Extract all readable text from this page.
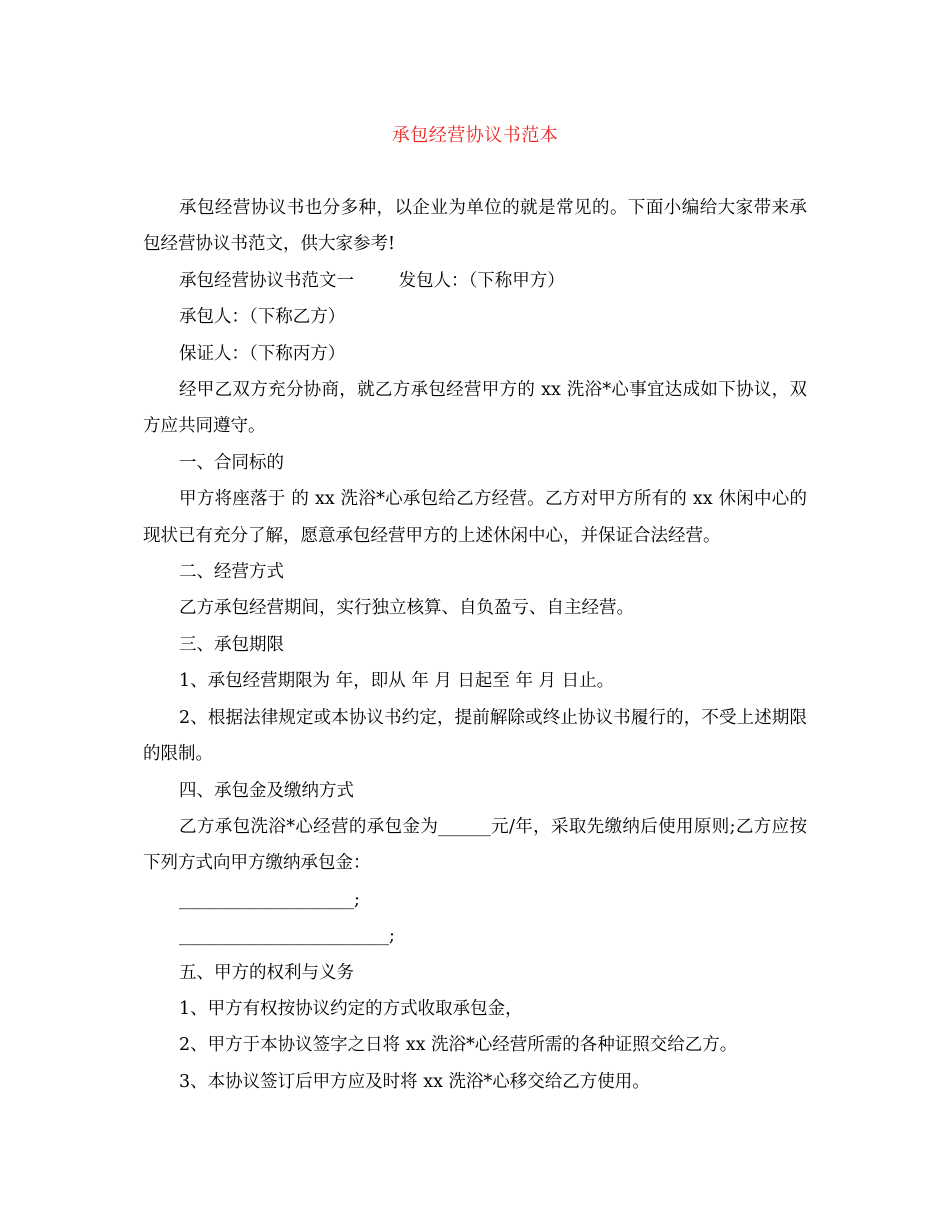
承包经营协议书范本

承包经营协议书也分多种，以企业为单位的就是常见的。下面小编给大家带来承包经营协议书范文，供大家参考!

承包经营协议书范文一        发包人：（下称甲方）

承包人：（下称乙方）

保证人：（下称丙方）

经甲乙双方充分协商，就乙方承包经营甲方的 xx 洗浴*心事宜达成如下协议，双方应共同遵守。

一、合同标的

甲方将座落于 的 xx 洗浴*心承包给乙方经营。乙方对甲方所有的 xx 休闲中心的现状已有充分了解，愿意承包经营甲方的上述休闲中心，并保证合法经营。

二、经营方式

乙方承包经营期间，实行独立核算、自负盈亏、自主经营。

三、承包期限

1、承包经营期限为 年，即从 年 月 日起至 年 月 日止。

2、根据法律规定或本协议书约定，提前解除或终止协议书履行的，不受上述期限的限制。

四、承包金及缴纳方式

乙方承包洗浴*心经营的承包金为______元/年，采取先缴纳后使用原则;乙方应按下列方式向甲方缴纳承包金：

____________________;

________________________;

五、甲方的权利与义务

1、甲方有权按协议约定的方式收取承包金，

2、甲方于本协议签字之日将 xx 洗浴*心经营所需的各种证照交给乙方。

3、本协议签订后甲方应及时将 xx 洗浴*心移交给乙方使用。
